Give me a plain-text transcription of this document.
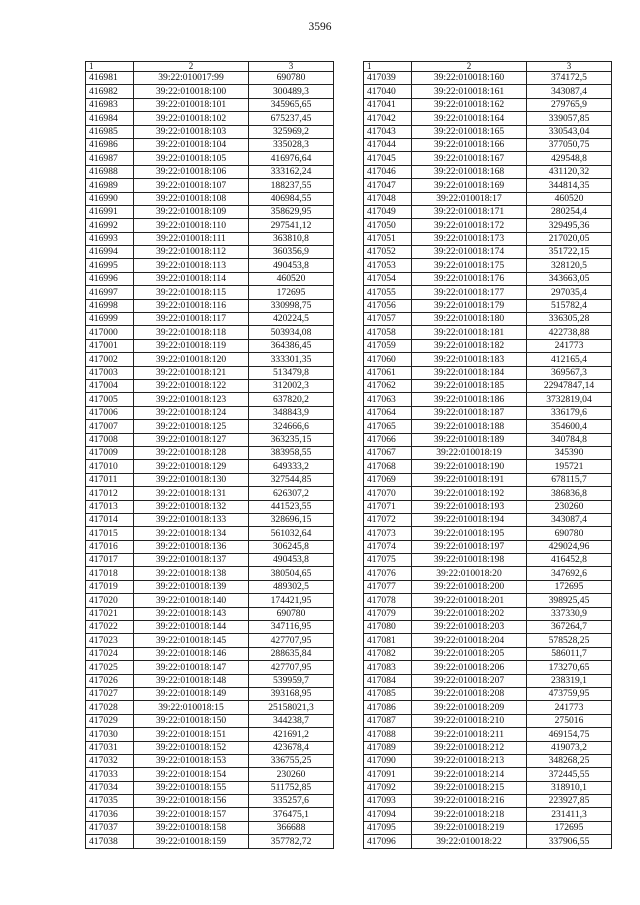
3596
1	2	3
416981	39:22:010017:99	690780
416982	39:22:010018:100	300489,3
416983	39:22:010018:101	345965,65
416984	39:22:010018:102	675237,45
416985	39:22:010018:103	325969,2
416986	39:22:010018:104	335028,3
416987	39:22:010018:105	416976,64
416988	39:22:010018:106	333162,24
416989	39:22:010018:107	188237,55
416990	39:22:010018:108	406984,55
416991	39:22:010018:109	358629,95
416992	39:22:010018:110	297541,12
416993	39:22:010018:111	363810,8
416994	39:22:010018:112	360356,9
416995	39:22:010018:113	490453,8
416996	39:22:010018:114	460520
416997	39:22:010018:115	172695
416998	39:22:010018:116	330998,75
416999	39:22:010018:117	420224,5
417000	39:22:010018:118	503934,08
417001	39:22:010018:119	364386,45
417002	39:22:010018:120	333301,35
417003	39:22:010018:121	513479,8
417004	39:22:010018:122	312002,3
417005	39:22:010018:123	637820,2
417006	39:22:010018:124	348843,9
417007	39:22:010018:125	324666,6
417008	39:22:010018:127	363235,15
417009	39:22:010018:128	383958,55
417010	39:22:010018:129	649333,2
417011	39:22:010018:130	327544,85
417012	39:22:010018:131	626307,2
417013	39:22:010018:132	441523,55
417014	39:22:010018:133	328696,15
417015	39:22:010018:134	561032,64
417016	39:22:010018:136	306245,8
417017	39:22:010018:137	490453,8
417018	39:22:010018:138	380504,65
417019	39:22:010018:139	489302,5
417020	39:22:010018:140	174421,95
417021	39:22:010018:143	690780
417022	39:22:010018:144	347116,95
417023	39:22:010018:145	427707,95
417024	39:22:010018:146	288635,84
417025	39:22:010018:147	427707,95
417026	39:22:010018:148	539959,7
417027	39:22:010018:149	393168,95
417028	39:22:010018:15	25158021,3
417029	39:22:010018:150	344238,7
417030	39:22:010018:151	421691,2
417031	39:22:010018:152	423678,4
417032	39:22:010018:153	336755,25
417033	39:22:010018:154	230260
417034	39:22:010018:155	511752,85
417035	39:22:010018:156	335257,6
417036	39:22:010018:157	376475,1
417037	39:22:010018:158	366688
417038	39:22:010018:159	357782,72
1	2	3
417039	39:22:010018:160	374172,5
417040	39:22:010018:161	343087,4
417041	39:22:010018:162	279765,9
417042	39:22:010018:164	339057,85
417043	39:22:010018:165	330543,04
417044	39:22:010018:166	377050,75
417045	39:22:010018:167	429548,8
417046	39:22:010018:168	431120,32
417047	39:22:010018:169	344814,35
417048	39:22:010018:17	460520
417049	39:22:010018:171	280254,4
417050	39:22:010018:172	329495,36
417051	39:22:010018:173	217020,05
417052	39:22:010018:174	351722,15
417053	39:22:010018:175	328120,5
417054	39:22:010018:176	343663,05
417055	39:22:010018:177	297035,4
417056	39:22:010018:179	515782,4
417057	39:22:010018:180	336305,28
417058	39:22:010018:181	422738,88
417059	39:22:010018:182	241773
417060	39:22:010018:183	412165,4
417061	39:22:010018:184	369567,3
417062	39:22:010018:185	22947847,14
417063	39:22:010018:186	3732819,04
417064	39:22:010018:187	336179,6
417065	39:22:010018:188	354600,4
417066	39:22:010018:189	340784,8
417067	39:22:010018:19	345390
417068	39:22:010018:190	195721
417069	39:22:010018:191	678115,7
417070	39:22:010018:192	386836,8
417071	39:22:010018:193	230260
417072	39:22:010018:194	343087,4
417073	39:22:010018:195	690780
417074	39:22:010018:197	429024,96
417075	39:22:010018:198	416452,8
417076	39:22:010018:20	347692,6
417077	39:22:010018:200	172695
417078	39:22:010018:201	398925,45
417079	39:22:010018:202	337330,9
417080	39:22:010018:203	367264,7
417081	39:22:010018:204	578528,25
417082	39:22:010018:205	586011,7
417083	39:22:010018:206	173270,65
417084	39:22:010018:207	238319,1
417085	39:22:010018:208	473759,95
417086	39:22:010018:209	241773
417087	39:22:010018:210	275016
417088	39:22:010018:211	469154,75
417089	39:22:010018:212	419073,2
417090	39:22:010018:213	348268,25
417091	39:22:010018:214	372445,55
417092	39:22:010018:215	318910,1
417093	39:22:010018:216	223927,85
417094	39:22:010018:218	231411,3
417095	39:22:010018:219	172695
417096	39:22:010018:22	337906,55
